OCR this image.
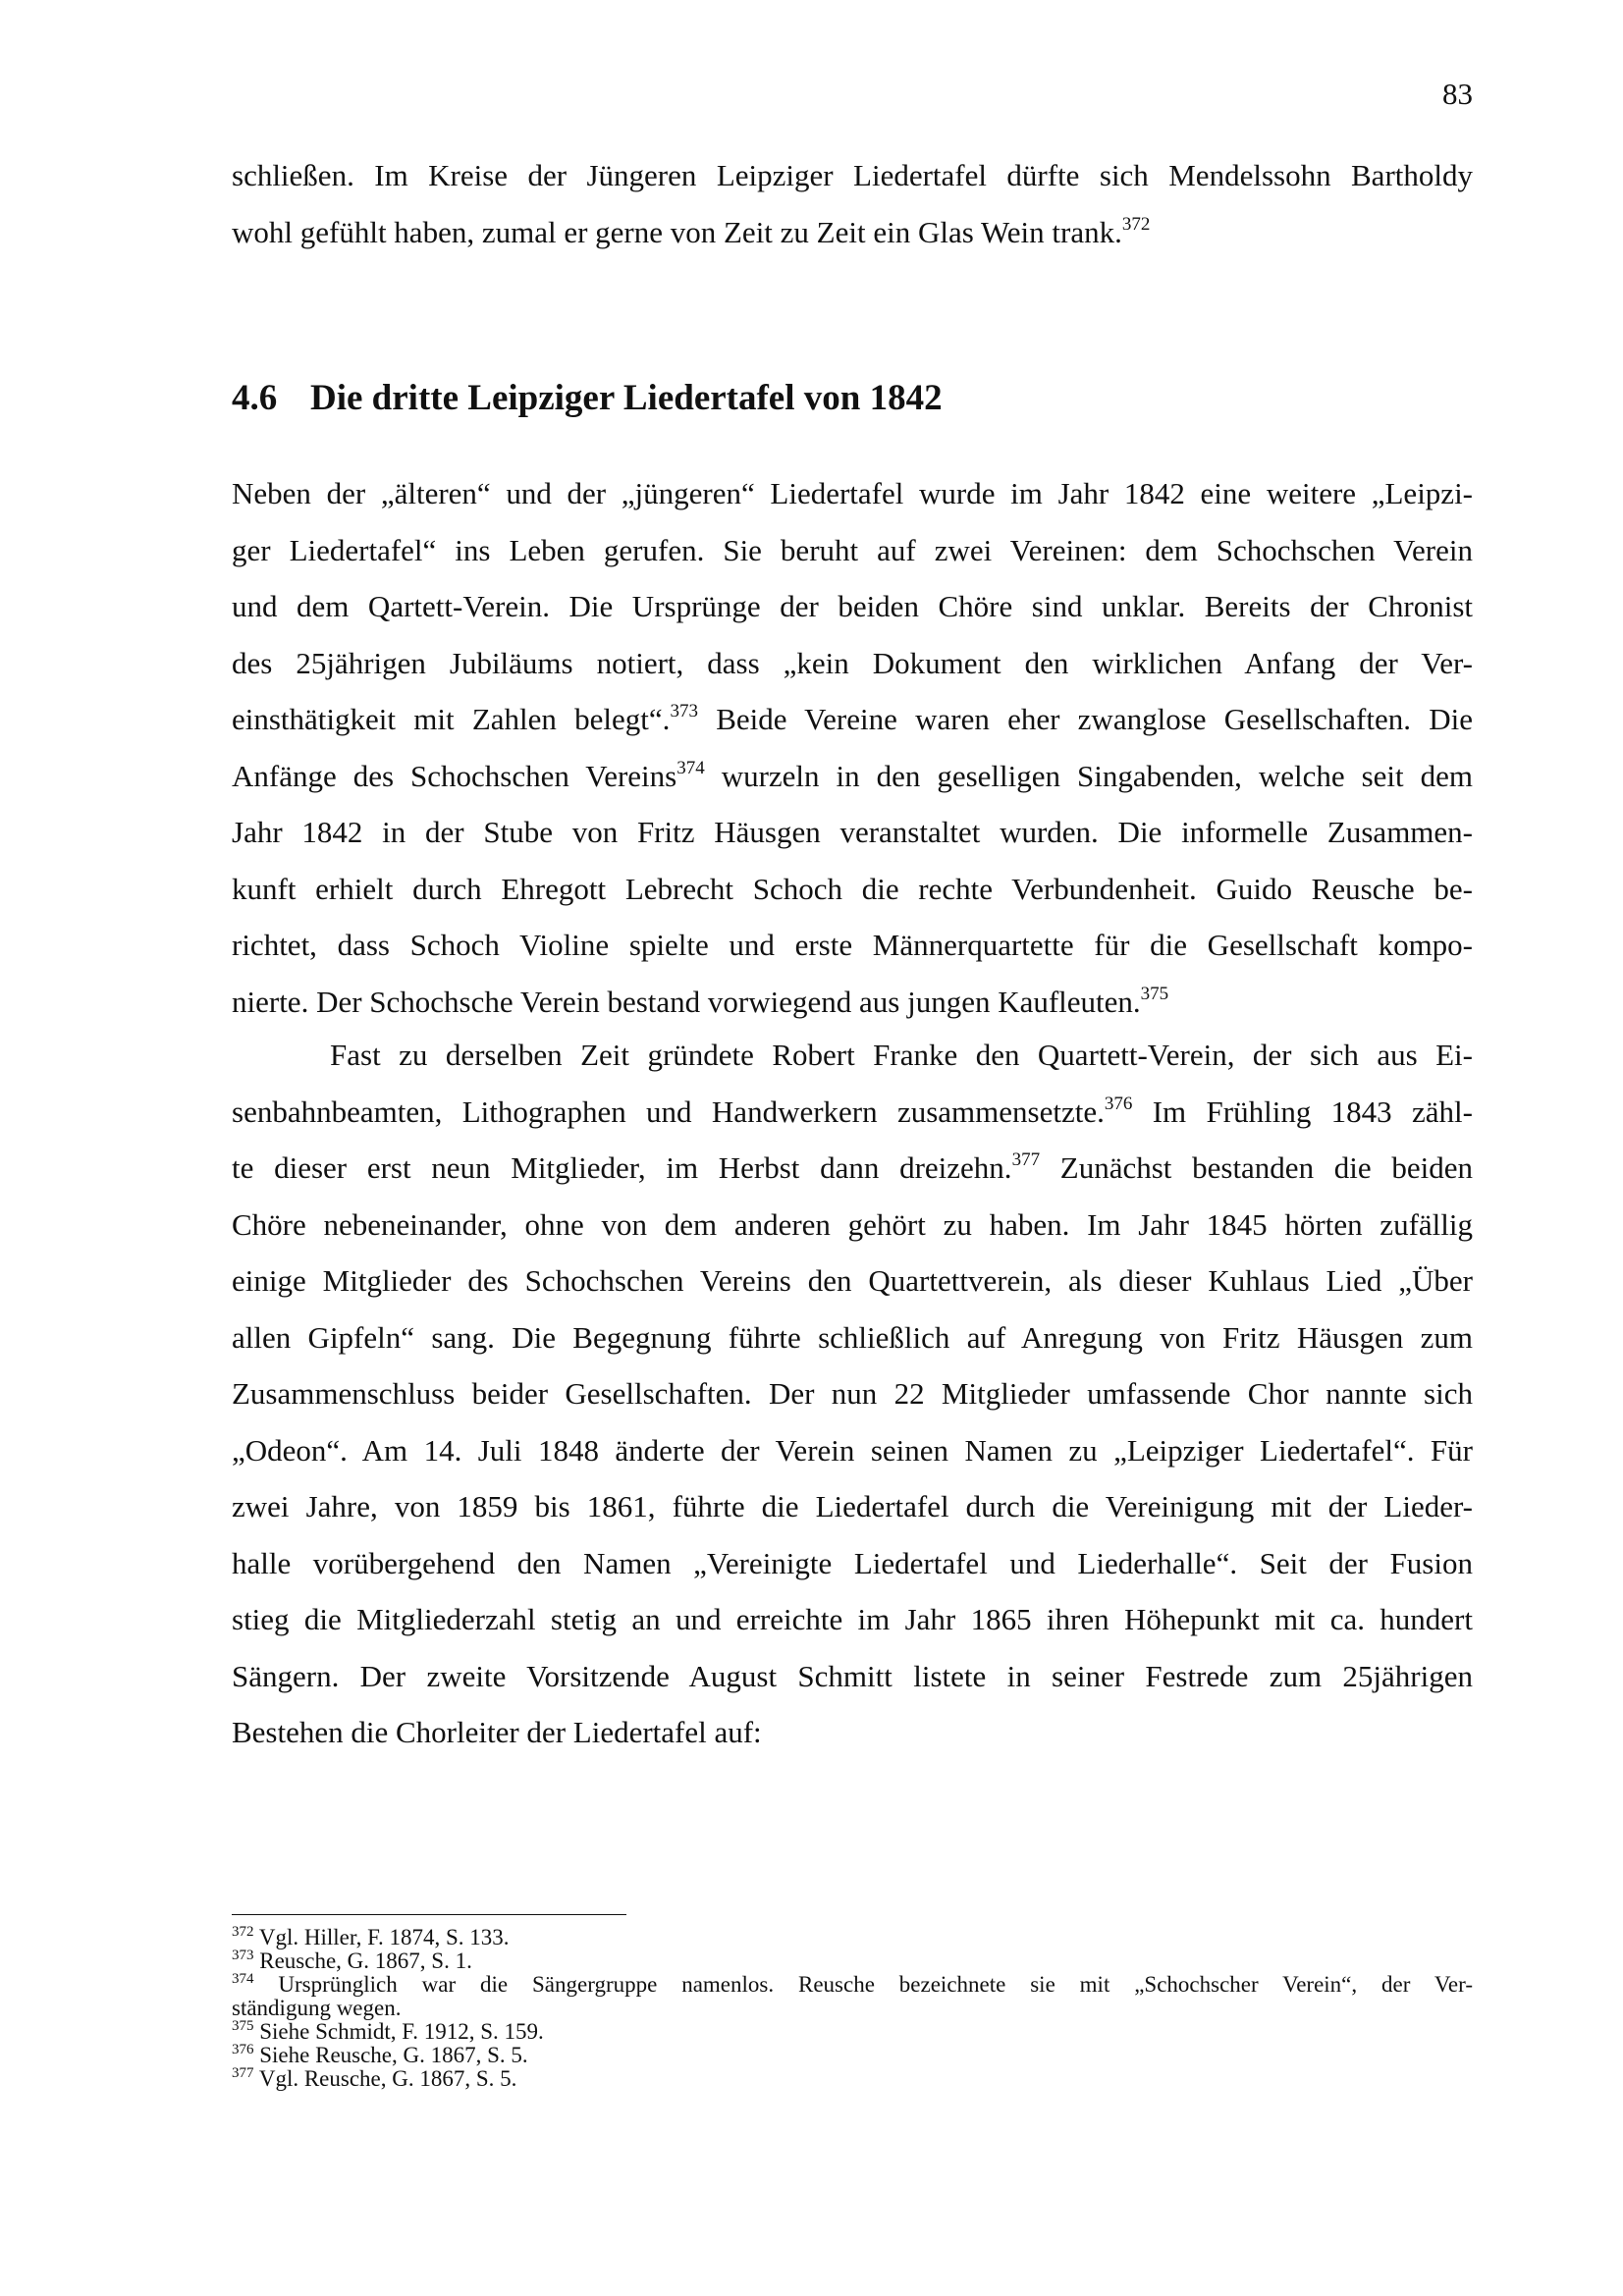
83
schließen. Im Kreise der Jüngeren Leipziger Liedertafel dürfte sich Mendelssohn Bartholdy
wohl gefühlt haben, zumal er gerne von Zeit zu Zeit ein Glas Wein trank.$^{372}$
4.6 Die dritte Leipziger Liedertafel von 1842
Neben der „älteren“ und der „jüngeren“ Liedertafel wurde im Jahr 1842 eine weitere „Leipzi-
ger Liedertafel“ ins Leben gerufen. Sie beruht auf zwei Vereinen: dem Schochschen Verein
und dem Qartett-Verein. Die Ursprünge der beiden Chöre sind unklar. Bereits der Chronist
des 25jährigen Jubiläums notiert, dass „kein Dokument den wirklichen Anfang der Ver-
einsthätigkeit mit Zahlen belegt“.$^{373}$ Beide Vereine waren eher zwanglose Gesellschaften. Die
Anfänge des Schochschen Vereins$^{374}$ wurzeln in den geselligen Singabenden, welche seit dem
Jahr 1842 in der Stube von Fritz Häusgen veranstaltet wurden. Die informelle Zusammen-
kunft erhielt durch Ehregott Lebrecht Schoch die rechte Verbundenheit. Guido Reusche be-
richtet, dass Schoch Violine spielte und erste Männerquartette für die Gesellschaft kompo-
nierte. Der Schochsche Verein bestand vorwiegend aus jungen Kaufleuten.$^{375}$
Fast zu derselben Zeit gründete Robert Franke den Quartett-Verein, der sich aus Ei-
senbahnbeamten, Lithographen und Handwerkern zusammensetzte.$^{376}$ Im Frühling 1843 zähl-
te dieser erst neun Mitglieder, im Herbst dann dreizehn.$^{377}$ Zunächst bestanden die beiden
Chöre nebeneinander, ohne von dem anderen gehört zu haben. Im Jahr 1845 hörten zufällig
einige Mitglieder des Schochschen Vereins den Quartettverein, als dieser Kuhlaus Lied „Über
allen Gipfeln“ sang. Die Begegnung führte schließlich auf Anregung von Fritz Häusgen zum
Zusammenschluss beider Gesellschaften. Der nun 22 Mitglieder umfassende Chor nannte sich
„Odeon“. Am 14. Juli 1848 änderte der Verein seinen Namen zu „Leipziger Liedertafel“. Für
zwei Jahre, von 1859 bis 1861, führte die Liedertafel durch die Vereinigung mit der Lieder-
halle vorübergehend den Namen „Vereinigte Liedertafel und Liederhalle“. Seit der Fusion
stieg die Mitgliederzahl stetig an und erreichte im Jahr 1865 ihren Höhepunkt mit ca. hundert
Sängern. Der zweite Vorsitzende August Schmitt listete in seiner Festrede zum 25jährigen
Bestehen die Chorleiter der Liedertafel auf:
$^{372}$ Vgl. Hiller, F. 1874, S. 133.
$^{373}$ Reusche, G. 1867, S. 1.
$^{374}$ Ursprünglich war die Sängergruppe namenlos. Reusche bezeichnete sie mit „Schochscher Verein“, der Ver-
ständigung wegen.
$^{375}$ Siehe Schmidt, F. 1912, S. 159.
$^{376}$ Siehe Reusche, G. 1867, S. 5.
$^{377}$ Vgl. Reusche, G. 1867, S. 5.
